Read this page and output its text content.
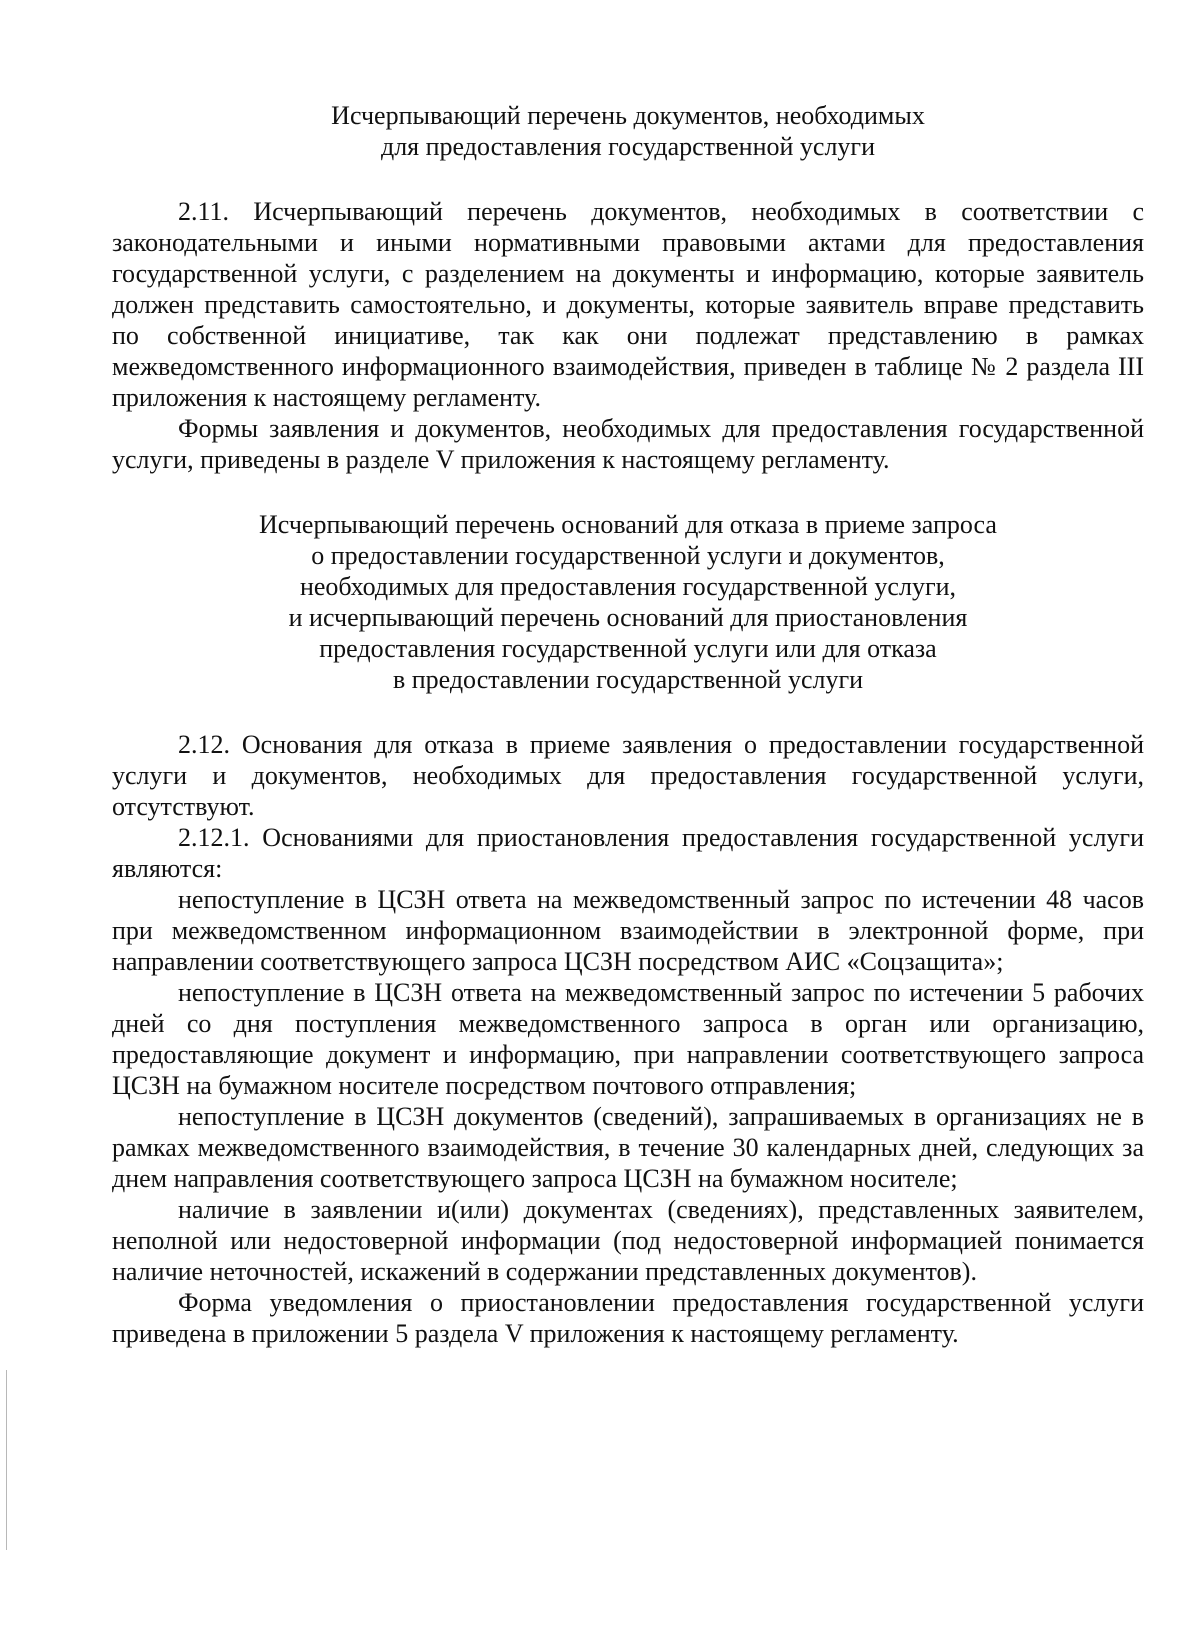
Исчерпывающий перечень документов, необходимых
для предоставления государственной услуги

2.11. Исчерпывающий перечень документов, необходимых в соответствии с законодательными и иными нормативными правовыми актами для предоставления государственной услуги, с разделением на документы и информацию, которые заявитель должен представить самостоятельно, и документы, которые заявитель вправе представить по собственной инициативе, так как они подлежат представлению в рамках межведомственного информационного взаимодействия, приведен в таблице № 2 раздела III приложения к настоящему регламенту.

Формы заявления и документов, необходимых для предоставления государственной услуги, приведены в разделе V приложения к настоящему регламенту.

Исчерпывающий перечень оснований для отказа в приеме запроса
о предоставлении государственной услуги и документов,
необходимых для предоставления государственной услуги,
и исчерпывающий перечень оснований для приостановления
предоставления государственной услуги или для отказа
в предоставлении государственной услуги

2.12. Основания для отказа в приеме заявления о предоставлении государственной услуги и документов, необходимых для предоставления государственной услуги, отсутствуют.

2.12.1. Основаниями для приостановления предоставления государственной услуги являются:

непоступление в ЦСЗН ответа на межведомственный запрос по истечении 48 часов при межведомственном информационном взаимодействии в электронной форме, при направлении соответствующего запроса ЦСЗН посредством АИС «Соцзащита»;

непоступление в ЦСЗН ответа на межведомственный запрос по истечении 5 рабочих дней со дня поступления межведомственного запроса в орган или организацию, предоставляющие документ и информацию, при направлении соответствующего запроса ЦСЗН на бумажном носителе посредством почтового отправления;

непоступление в ЦСЗН документов (сведений), запрашиваемых в организациях не в рамках межведомственного взаимодействия, в течение 30 календарных дней, следующих за днем направления соответствующего запроса ЦСЗН на бумажном носителе;

наличие в заявлении и(или) документах (сведениях), представленных заявителем, неполной или недостоверной информации (под недостоверной информацией понимается наличие неточностей, искажений в содержании представленных документов).

Форма уведомления о приостановлении предоставления государственной услуги приведена в приложении 5 раздела V приложения к настоящему регламенту.
